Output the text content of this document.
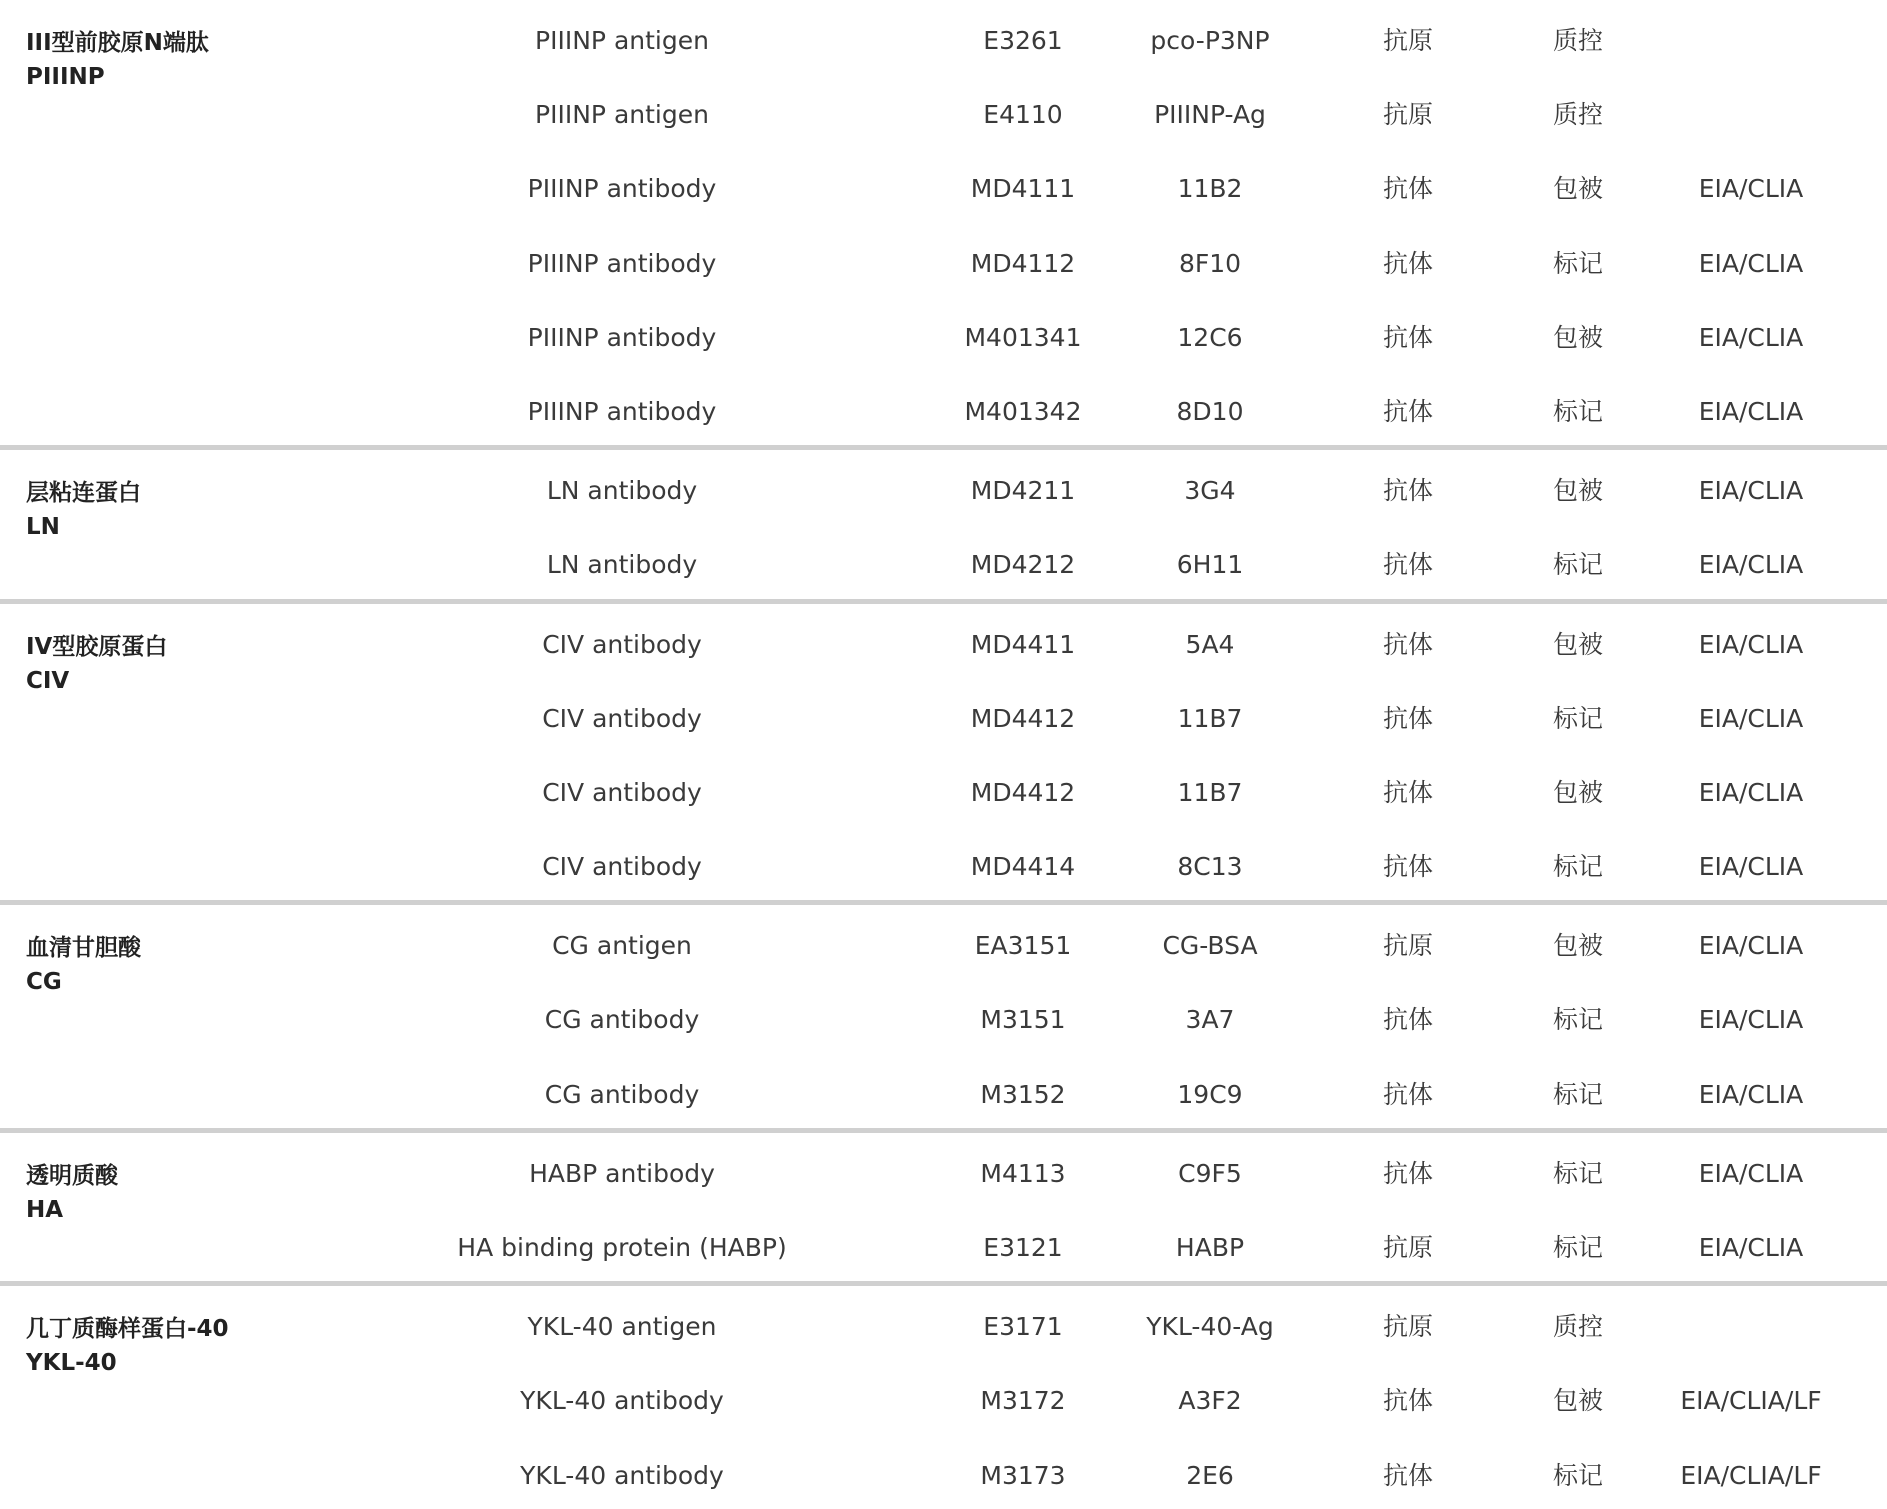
III型前胶原N端肽
PIIINP
PIIINP antigen	E3261	pco-P3NP	抗原	质控
PIIINP antigen	E4110	PIIINP-Ag	抗原	质控
PIIINP antibody	MD4111	11B2	抗体	包被	EIA/CLIA
PIIINP antibody	MD4112	8F10	抗体	标记	EIA/CLIA
PIIINP antibody	M401341	12C6	抗体	包被	EIA/CLIA
PIIINP antibody	M401342	8D10	抗体	标记	EIA/CLIA
层粘连蛋白
LN
LN antibody	MD4211	3G4	抗体	包被	EIA/CLIA
LN antibody	MD4212	6H11	抗体	标记	EIA/CLIA
IV型胶原蛋白
CIV
CIV antibody	MD4411	5A4	抗体	包被	EIA/CLIA
CIV antibody	MD4412	11B7	抗体	标记	EIA/CLIA
CIV antibody	MD4412	11B7	抗体	包被	EIA/CLIA
CIV antibody	MD4414	8C13	抗体	标记	EIA/CLIA
血清甘胆酸
CG
CG antigen	EA3151	CG-BSA	抗原	包被	EIA/CLIA
CG antibody	M3151	3A7	抗体	标记	EIA/CLIA
CG antibody	M3152	19C9	抗体	标记	EIA/CLIA
透明质酸
HA
HABP antibody	M4113	C9F5	抗体	标记	EIA/CLIA
HA binding protein (HABP)	E3121	HABP	抗原	标记	EIA/CLIA
几丁质酶样蛋白-40
YKL-40
YKL-40 antigen	E3171	YKL-40-Ag	抗原	质控
YKL-40 antibody	M3172	A3F2	抗体	包被	EIA/CLIA/LF
YKL-40 antibody	M3173	2E6	抗体	标记	EIA/CLIA/LF
